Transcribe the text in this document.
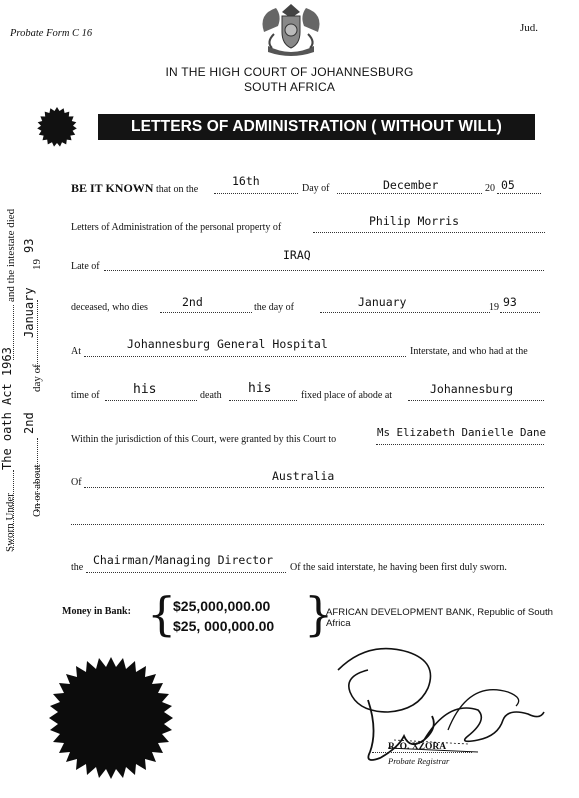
Probate Form C 16	Jud.
IN THE HIGH COURT OF JOHANNESBURG
SOUTH AFRICA
LETTERS OF ADMINISTRATION ( WITHOUT WILL)
Sworn Under
The oath Act 1963
and the intestate died
On or about
2nd
day of
January
19
93
BE IT KNOWN that on the
16th
Day of	December	20 05
Letters of Administration of the personal property of	Philip Morris
Late of
IRAQ
deceased, who dies	2nd	the day of	January	19 93
At
Johannesburg General Hospital
Interstate, and who had at the
time of	his	death his	fixed place of abode at	Johannesburg
Within the jurisdiction of this Court, were granted by this Court to
Ms Elizabeth Danielle Dane
Of	Australia
the
Chairman/Managing Director
Of the said interstate, he having been first duly sworn.
Money in Bank: {
$25,000,000.00
$25, 000,000.00 }
AFRICAN DEVELOPMENT BANK, Republic of South Africa
R. O. XZORA
Probate Registrar
